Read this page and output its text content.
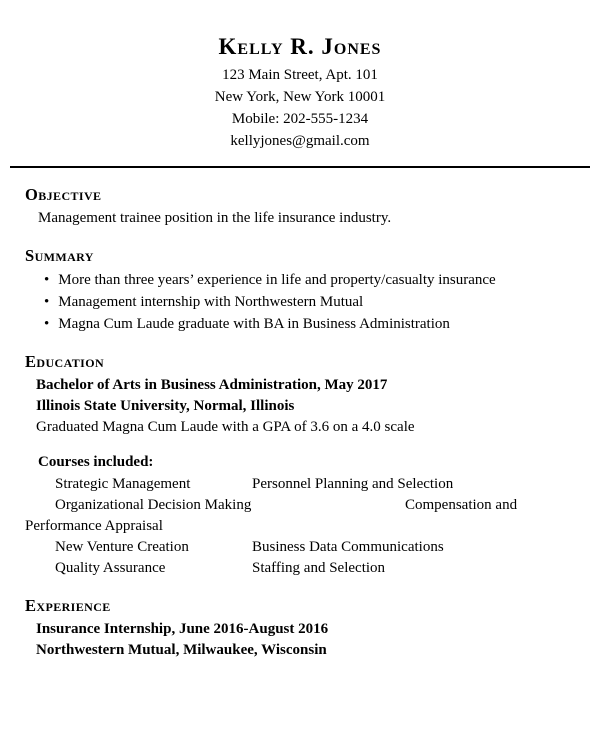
Kelly R. Jones
123 Main Street, Apt. 101
New York, New York 10001
Mobile: 202-555-1234
kellyjones@gmail.com
Objective
Management trainee position in the life insurance industry.
Summary
• More than three years’ experience in life and property/casualty insurance
• Management internship with Northwestern Mutual
• Magna Cum Laude graduate with BA in Business Administration
Education
Bachelor of Arts in Business Administration, May 2017
Illinois State University, Normal, Illinois
Graduated Magna Cum Laude with a GPA of 3.6 on a 4.0 scale
Courses included:
Strategic Management	Personnel Planning and Selection
Organizational Decision Making	Compensation and
Performance Appraisal
New Venture Creation	Business Data Communications
Quality Assurance	Staffing and Selection
Experience
Insurance Internship, June 2016-August 2016
Northwestern Mutual, Milwaukee, Wisconsin
